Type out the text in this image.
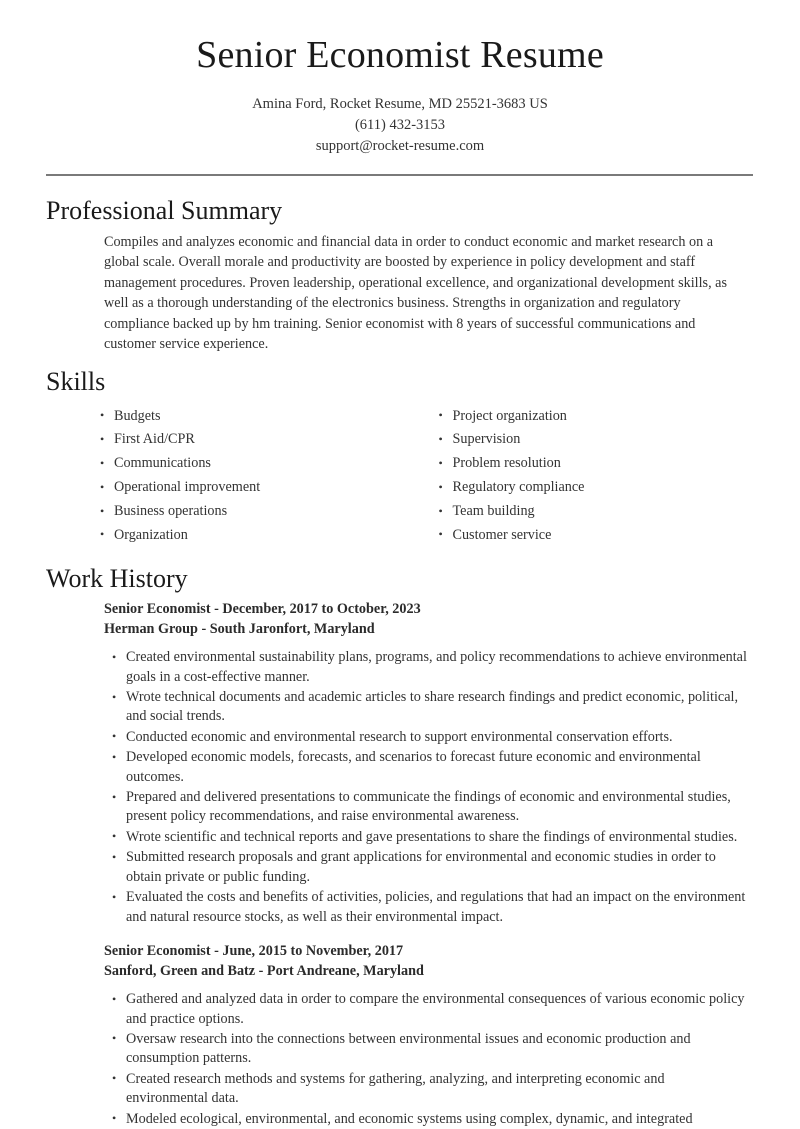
Senior Economist Resume
Amina Ford, Rocket Resume, MD 25521-3683 US
(611) 432-3153
support@rocket-resume.com
Professional Summary

Compiles and analyzes economic and financial data in order to conduct economic and market research on a global scale. Overall morale and productivity are boosted by experience in policy development and staff management procedures. Proven leadership, operational excellence, and organizational development skills, as well as a thorough understanding of the electronics business. Strengths in organization and regulatory compliance backed up by hm training. Senior economist with 8 years of successful communications and customer service experience.

Skills
• Budgets
• First Aid/CPR
• Communications
• Operational improvement
• Business operations
• Organization
• Project organization
• Supervision
• Problem resolution
• Regulatory compliance
• Team building
• Customer service
Work History
Senior Economist - December, 2017 to October, 2023
Herman Group - South Jaronfort, Maryland
• Created environmental sustainability plans, programs, and policy recommendations to achieve environmental goals in a cost-effective manner.
• Wrote technical documents and academic articles to share research findings and predict economic, political, and social trends.
• Conducted economic and environmental research to support environmental conservation efforts.
• Developed economic models, forecasts, and scenarios to forecast future economic and environmental outcomes.
• Prepared and delivered presentations to communicate the findings of economic and environmental studies, present policy recommendations, and raise environmental awareness.
• Wrote scientific and technical reports and gave presentations to share the findings of environmental studies.
• Submitted research proposals and grant applications for environmental and economic studies in order to obtain private or public funding.
• Evaluated the costs and benefits of activities, policies, and regulations that had an impact on the environment and natural resource stocks, as well as their environmental impact.
Senior Economist - June, 2015 to November, 2017
Sanford, Green and Batz - Port Andreane, Maryland
• Gathered and analyzed data in order to compare the environmental consequences of various economic policy and practice options.
• Oversaw research into the connections between environmental issues and economic production and consumption patterns.
• Created research methods and systems for gathering, analyzing, and interpreting economic and environmental data.
• Modeled ecological, environmental, and economic systems using complex, dynamic, and integrated
